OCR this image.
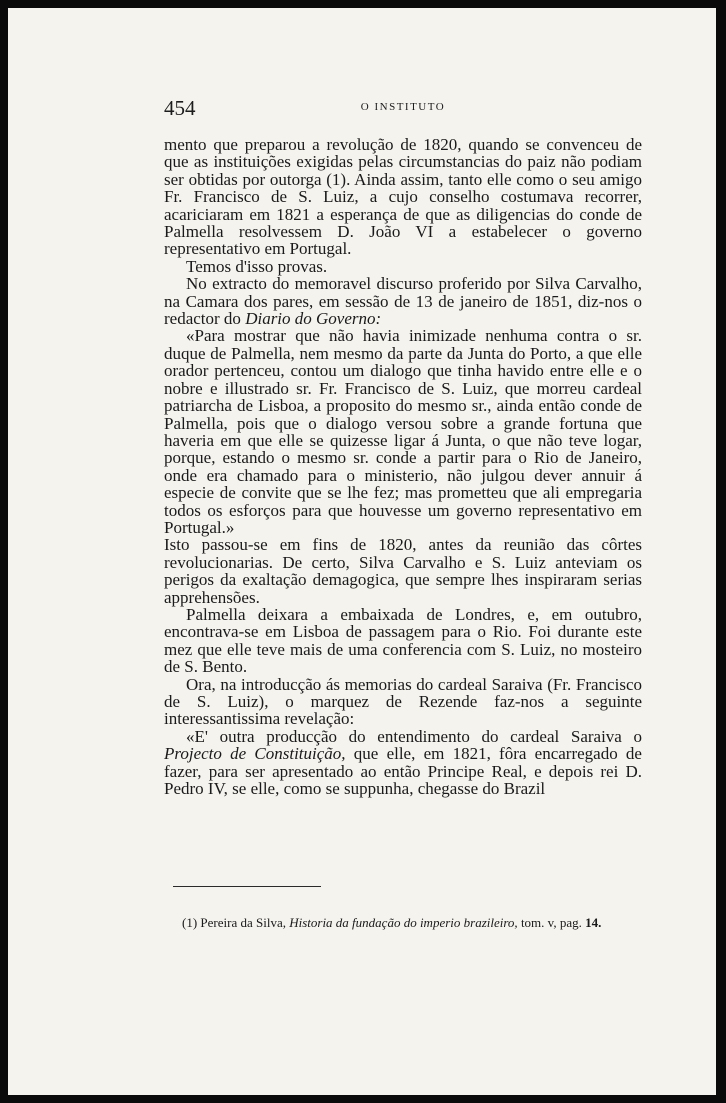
454	O INSTITUTO

mento que preparou a revolução de 1820, quando se convenceu de que as instituições exigidas pelas circumstancias do paiz não podiam ser obtidas por outorga (1). Ainda assim, tanto elle como o seu amigo Fr. Francisco de S. Luiz, a cujo conselho costumava recorrer, acariciaram em 1821 a esperança de que as diligencias do conde de Palmella resolvessem D. João VI a estabelecer o governo representativo em Portugal.

Temos d'isso provas.

No extracto do memoravel discurso proferido por Silva Carvalho, na Camara dos pares, em sessão de 13 de janeiro de 1851, diz-nos o redactor do Diario do Governo:

«Para mostrar que não havia inimizade nenhuma contra o sr. duque de Palmella, nem mesmo da parte da Junta do Porto, a que elle orador pertenceu, contou um dialogo que tinha havido entre elle e o nobre e illustrado sr. Fr. Francisco de S. Luiz, que morreu cardeal patriarcha de Lisboa, a proposito do mesmo sr., ainda então conde de Palmella, pois que o dialogo versou sobre a grande fortuna que haveria em que elle se quizesse ligar á Junta, o que não teve logar, porque, estando o mesmo sr. conde a partir para o Rio de Janeiro, onde era chamado para o ministerio, não julgou dever annuir á especie de convite que se lhe fez; mas prometteu que ali empregaria todos os esforços para que houvesse um governo representativo em Portugal.»

Isto passou-se em fins de 1820, antes da reunião das côrtes revolucionarias. De certo, Silva Carvalho e S. Luiz anteviam os perigos da exaltação demagogica, que sempre lhes inspiraram serias apprehensões.

Palmella deixara a embaixada de Londres, e, em outubro, encontrava-se em Lisboa de passagem para o Rio. Foi durante este mez que elle teve mais de uma conferencia com S. Luiz, no mosteiro de S. Bento.

Ora, na introducção ás memorias do cardeal Saraiva (Fr. Francisco de S. Luiz), o marquez de Rezende faz-nos a seguinte interessantissima revelação:

«E' outra producção do entendimento do cardeal Saraiva o Projecto de Constituição, que elle, em 1821, fôra encarregado de fazer, para ser apresentado ao então Principe Real, e depois rei D. Pedro IV, se elle, como se suppunha, chegasse do Brazil

(1) Pereira da Silva, Historia da fundação do imperio brazileiro, tom. v, pag. 14.
